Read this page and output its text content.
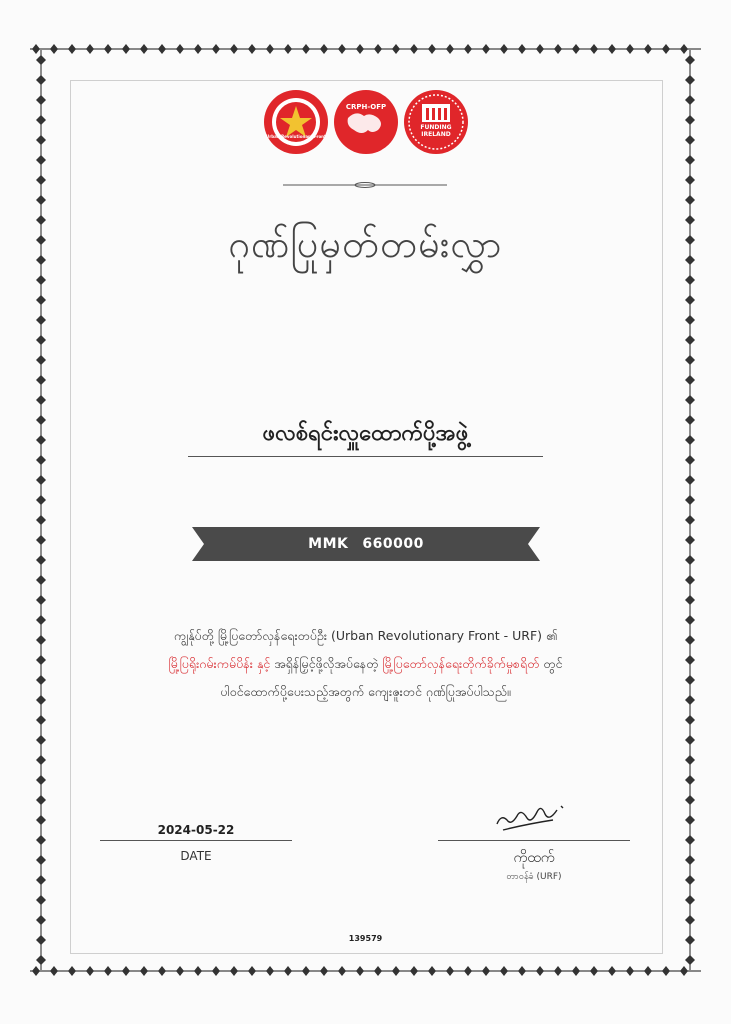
Urban Revolutionary Front
CRPH-OFP
FUNDING IRELAND
ဂုဏ်ပြုမှတ်တမ်းလွှာ
ဖလစ်ရင်းလှူထောက်ပို့အဖွဲ့
MMK 660000
ကျွန်ုပ်တို့ မြို့ပြတော်လှန်ရေးတပ်ဦး (Urban Revolutionary Front - URF) ၏
မြို့ပြရိုးဂမ်းကမ်ပိန်း နှင့် အရှိန်မြှင့်ဖို့လိုအပ်နေတဲ့ မြို့ပြတော်လှန်ရေးတိုက်ခိုက်မှုစရိတ် တွင်
ပါဝင်ထောက်ပို့ပေးသည့်အတွက် ကျေးဇူးတင် ဂုဏ်ပြုအပ်ပါသည်။
2024-05-22
DATE	ကိုထက်
တာဝန်ခံ (URF)
139579
